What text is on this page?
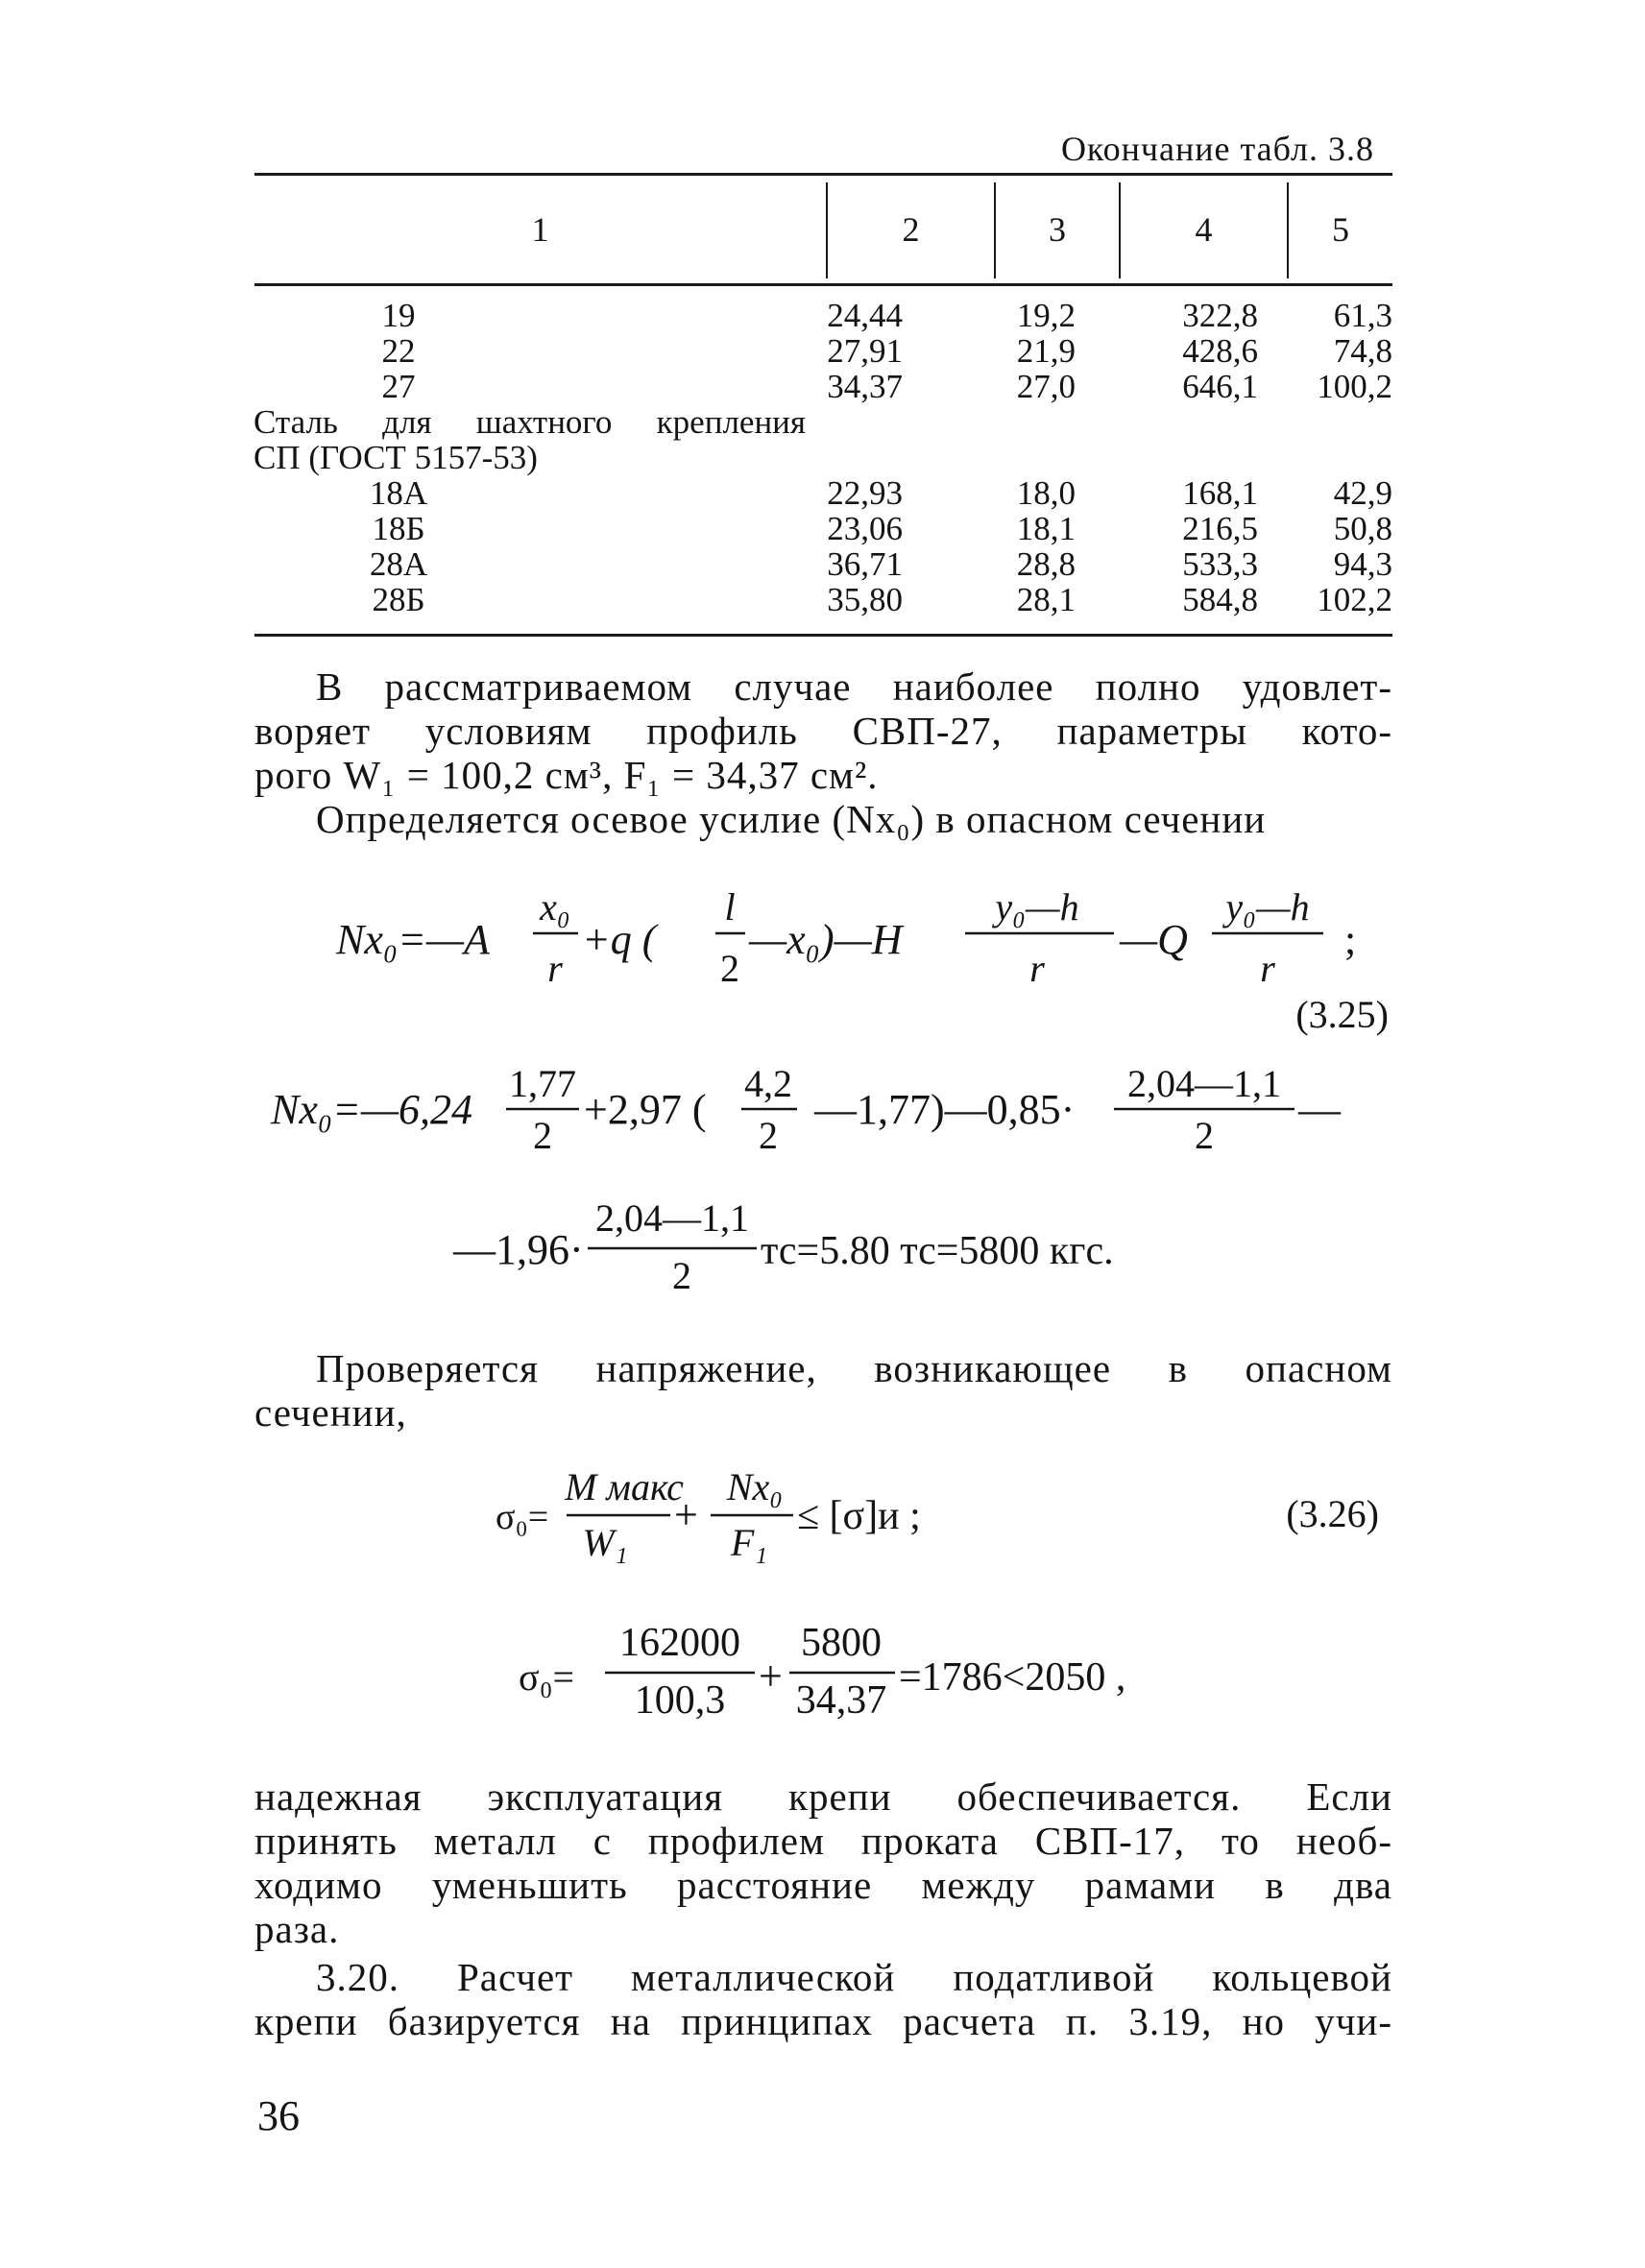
Окончание табл. 3.8
1	2	3	4	5
19	24,44	19,2	322,8	61,3
22	27,91	21,9	428,6	74,8
27	34,37	27,0	646,1	100,2
Сталь для шахтного крепления
СП (ГОСТ 5157-53)
18А	22,93	18,0	168,1	42,9
18Б	23,06	18,1	216,5	50,8
28А	36,71	28,8	533,3	94,3
28Б	35,80	28,1	584,8	102,2
В рассматриваемом случае наиболее полно удовлет-
воряет условиям профиль СВП-27, параметры кото-
рого W₁ = 100,2 см³, F₁ = 34,37 см².
Определяется осевое усилие (Nx₀) в опасном сечении
Nx₀=—A
x₀
r
+q (
l
2
—x₀)—H
y₀—h
r
—Q
y₀—h
r
;
(3.25)
Nx₀=—6,24
1,77
2
+2,97 (
4,2
2
—1,77)—0,85·
2,04—1,1
2
—
—1,96·
2,04—1,1
2
тс=5.80 тс=5800 кгс.
σ₀=
M макс
W₁
+
Nx₀
F₁
≤ [σ]и ;	(3.26)
σ₀=
162000
100,3
+
5800
34,37
=1786<2050 ,
Проверяется напряжение, возникающее в опасном
сечении,
надежная эксплуатация крепи обеспечивается. Если
принять металл с профилем проката СВП-17, то необ-
ходимо уменьшить расстояние между рамами в два
раза.
3.20. Расчет металлической податливой кольцевой
крепи базируется на принципах расчета п. 3.19, но учи-
36
